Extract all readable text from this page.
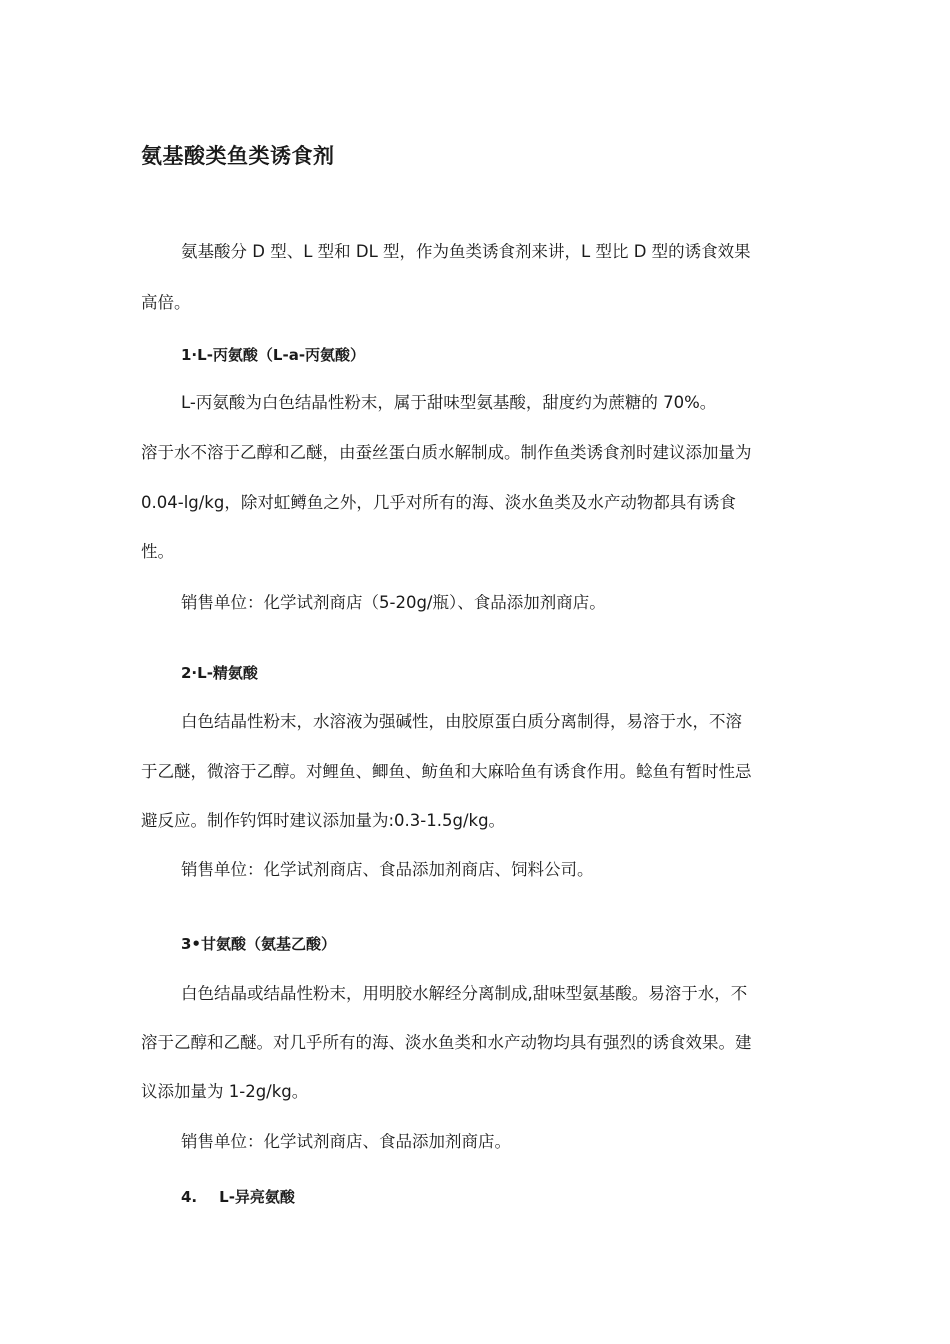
氨基酸类鱼类诱食剂
氨基酸分 D 型、L 型和 DL 型，作为鱼类诱食剂来讲，L 型比 D 型的诱食效果
高倍。
1·L-丙氨酸（L-a-丙氨酸）
L-丙氨酸为白色结晶性粉末，属于甜味型氨基酸，甜度约为蔗糖的 70%。
溶于水不溶于乙醇和乙醚，由蚕丝蛋白质水解制成。制作鱼类诱食剂时建议添加量为
0.04-lg/kg，除对虹鳟鱼之外，几乎对所有的海、淡水鱼类及水产动物都具有诱食
性。
销售单位：化学试剂商店（5-20g/瓶）、食品添加剂商店。
2·L-精氨酸
白色结晶性粉末，水溶液为强碱性，由胶原蛋白质分离制得，易溶于水，不溶
于乙醚，微溶于乙醇。对鲤鱼、鲫鱼、鲂鱼和大麻哈鱼有诱食作用。鲶鱼有暂时性忌
避反应。制作钓饵时建议添加量为:0.3-1.5g/kg。
销售单位：化学试剂商店、食品添加剂商店、饲料公司。
3•甘氨酸（氨基乙酸）
白色结晶或结晶性粉末，用明胶水解经分离制成,甜味型氨基酸。易溶于水，不
溶于乙醇和乙醚。对几乎所有的海、淡水鱼类和水产动物均具有强烈的诱食效果。建
议添加量为 1-2g/kg。
销售单位：化学试剂商店、食品添加剂商店。
4. L-异亮氨酸
